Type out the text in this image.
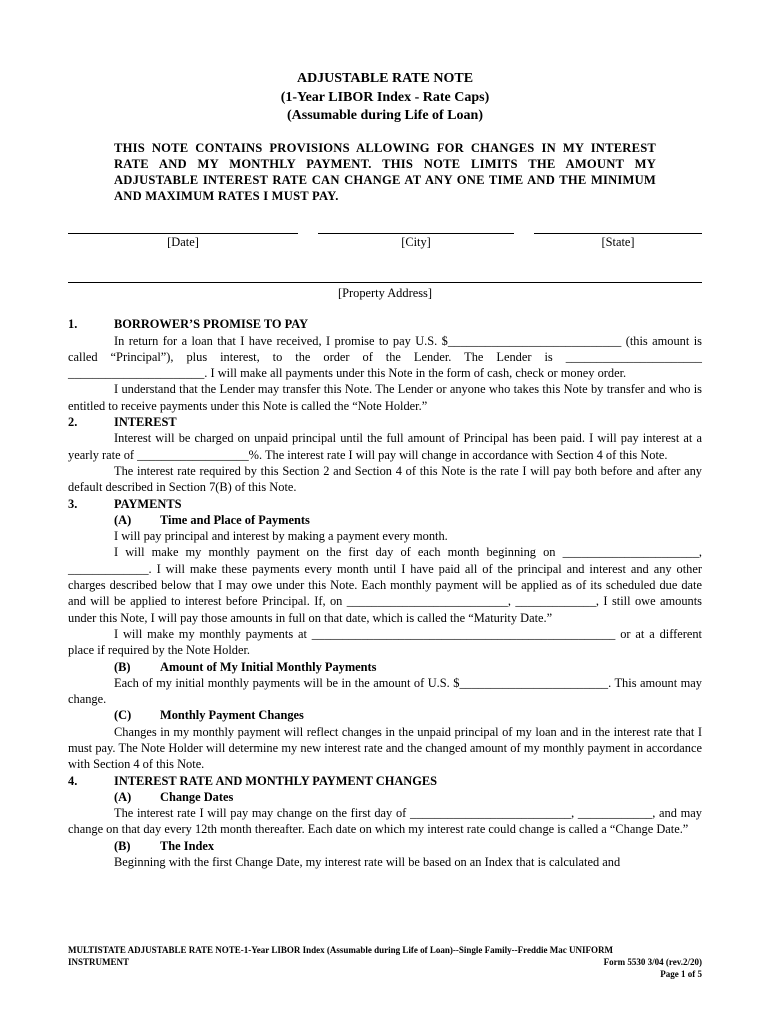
ADJUSTABLE RATE NOTE
(1-Year LIBOR Index - Rate Caps)
(Assumable during Life of Loan)
THIS NOTE CONTAINS PROVISIONS ALLOWING FOR CHANGES IN MY INTEREST RATE AND MY MONTHLY PAYMENT. THIS NOTE LIMITS THE AMOUNT MY ADJUSTABLE INTEREST RATE CAN CHANGE AT ANY ONE TIME AND THE MINIMUM AND MAXIMUM RATES I MUST PAY.
[Date]	[City]	[State]
[Property Address]
1.	BORROWER’S PROMISE TO PAY

In return for a loan that I have received, I promise to pay U.S. $____________________________ (this amount is called “Principal”), plus interest, to the order of the Lender. The Lender is ______________________ ______________________. I will make all payments under this Note in the form of cash, check or money order.

I understand that the Lender may transfer this Note. The Lender or anyone who takes this Note by transfer and who is entitled to receive payments under this Note is called the “Note Holder.”

2.	INTEREST

Interest will be charged on unpaid principal until the full amount of Principal has been paid. I will pay interest at a yearly rate of __________________%. The interest rate I will pay will change in accordance with Section 4 of this Note.

The interest rate required by this Section 2 and Section 4 of this Note is the rate I will pay both before and after any default described in Section 7(B) of this Note.

3.	PAYMENTS
(A)	Time and Place of Payments

I will pay principal and interest by making a payment every month.

I will make my monthly payment on the first day of each month beginning on ______________________, _____________. I will make these payments every month until I have paid all of the principal and interest and any other charges described below that I may owe under this Note. Each monthly payment will be applied as of its scheduled due date and will be applied to interest before Principal. If, on __________________________, _____________, I still owe amounts under this Note, I will pay those amounts in full on that date, which is called the “Maturity Date.”

I will make my monthly payments at _________________________________________________ or at a different place if required by the Note Holder.

(B)	Amount of My Initial Monthly Payments

Each of my initial monthly payments will be in the amount of U.S. $________________________. This amount may change.

(C)	Monthly Payment Changes

Changes in my monthly payment will reflect changes in the unpaid principal of my loan and in the interest rate that I must pay. The Note Holder will determine my new interest rate and the changed amount of my monthly payment in accordance with Section 4 of this Note.

4.	INTEREST RATE AND MONTHLY PAYMENT CHANGES
(A)	Change Dates

The interest rate I will pay may change on the first day of __________________________, ____________, and may change on that day every 12th month thereafter. Each date on which my interest rate could change is called a “Change Date.”

(B)	The Index

Beginning with the first Change Date, my interest rate will be based on an Index that is calculated and

MULTISTATE ADJUSTABLE RATE NOTE-1-Year LIBOR Index (Assumable during Life of Loan)--Single Family--Freddie Mac UNIFORM
INSTRUMENT	Form 5530 3/04 (rev.2/20)
Page 1 of 5
